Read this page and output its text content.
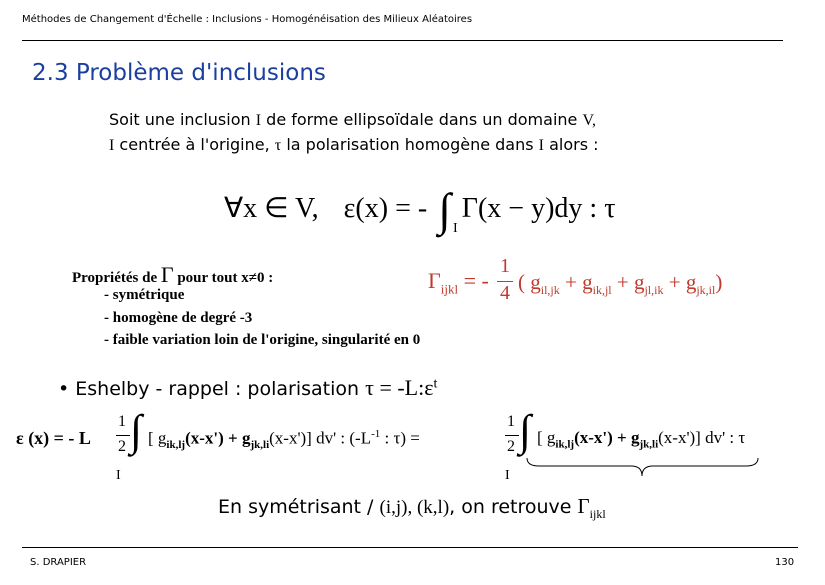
Méthodes de Changement d'Échelle : Inclusions - Homogénéisation des Milieux Aléatoires
2.3 Problème d'inclusions
Soit une inclusion I de forme ellipsoïdale dans un domaine V,
I centrée à l'origine, τ la polarisation homogène dans I alors :
∀x ∈ V, ε(x) = - ∫ Γ(x − y)dy : τ
I
Propriétés de Γ pour tout x≠0 :
- symétrique
- homogène de degré -3
- faible variation loin de l'origine, singularité en 0
$\Gamma_{ijkl}$ = -
1
4 ( $g_{il,jk} + g_{ik,jl} + g_{jl,ik} + g_{jk,il}$)
• Eshelby - rappel : polarisation $\tau = -L:\varepsilon^t$
ε (x) = - L
1
2 ∫
I
[ $g_{ik,lj}(x-x') + g_{jk,li}(x-x')$] dv' : ($-L^{-1}$ : τ) =
1
2 ∫
I
[ $g_{ik,lj}(x-x') + g_{jk,li}(x-x')$] dv' : τ
En symétrisant / (i,j), (k,l), on retrouve $\Gamma_{ijkl}$
S. DRAPIER	130
